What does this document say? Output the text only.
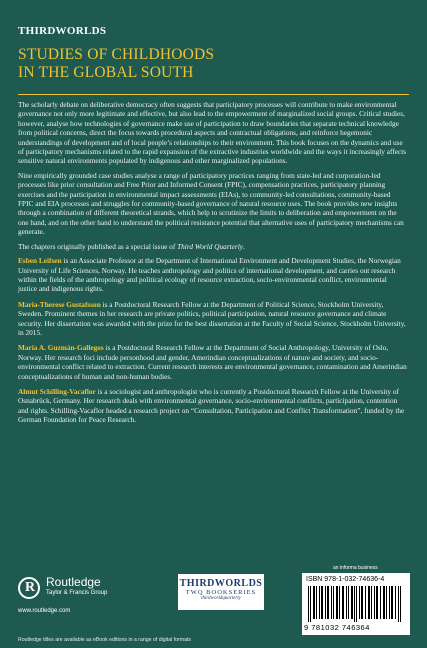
THIRDWORLDS
STUDIES OF CHILDHOODS
IN THE GLOBAL SOUTH

The scholarly debate on deliberative democracy often suggests that participatory processes will contribute to make environmental governance not only more legitimate and effective, but also lead to the empowerment of marginalized social groups. Critical studies, however, analyse how technologies of governance make use of participation to draw boundaries that separate technical knowledge from political concerns, direct the focus towards procedural aspects and contractual obligations, and reinforce hegemonic understandings of development and of local people’s relationships to their environment. This book focuses on the dynamics and use of participatory mechanisms related to the rapid expansion of the extractive industries worldwide and the ways it increasingly affects sensitive natural environments populated by indigenous and other marginalized populations.

Nine empirically grounded case studies analyse a range of participatory practices ranging from state-led and corporation-led processes like prior consultation and Free Prior and Informed Consent (FPIC), compensation practices, participatory planning exercises and the participation in environmental impact assessments (EIAs), to community-led consultations, community-based FPIC and EIA processes and struggles for community-based governance of natural resource uses. The book provides new insights through a combination of different theoretical strands, which help to scrutinize the limits to deliberation and empowerment on the one hand, and on the other hand to understand the political resistance potential that alternative uses of participatory mechanisms can generate.

The chapters originally published as a special issue of Third World Quarterly.

Esben Leifsen is an Associate Professor at the Department of International Environment and Development Studies, the Norwegian University of Life Sciences, Norway. He teaches anthropology and politics of international development, and carries out research within the fields of the anthropology and political ecology of resource extraction, socio-environmental conflict, environmental justice and indigenous rights.

Maria-Therese Gustafsson is a Postdoctoral Research Fellow at the Department of Political Science, Stockholm University, Sweden. Prominent themes in her research are private politics, political participation, natural resource governance and climate security. Her dissertation was awarded with the prize for the best dissertation at the Faculty of Social Science, Stockholm University, in 2015.

María A. Guzmán-Gallegos is a Postdoctoral Research Fellow at the Department of Social Anthropology, University of Oslo, Norway. Her research foci include personhood and gender, Amerindian conceptualizations of nature and society, and socio-environmental conflict related to extraction. Current research interests are environmental governance, contamination and Amerindian conceptualizations of human and non-human bodies.

Almut Schilling-Vacaflor is a sociologist and anthropologist who is currently a Postdoctoral Research Fellow at the University of Osnabrück, Germany. Her research deals with environmental governance, socio-environmental conflicts, participation, contention and rights. Schilling-Vacaflor headed a research project on “Consultation, Participation and Conflict Transformation”, funded by the German Foundation for Peace Research.

R Routledge
Taylor & Francis Group
www.routledge.com
THIRDWORLDS
TWQ BOOKSERIES
thirdworldquarterly
an informa business
ISBN 978-1-032-74636-4
9 781032 746364
Routledge titles are available as eBook editions in a range of digital formats
